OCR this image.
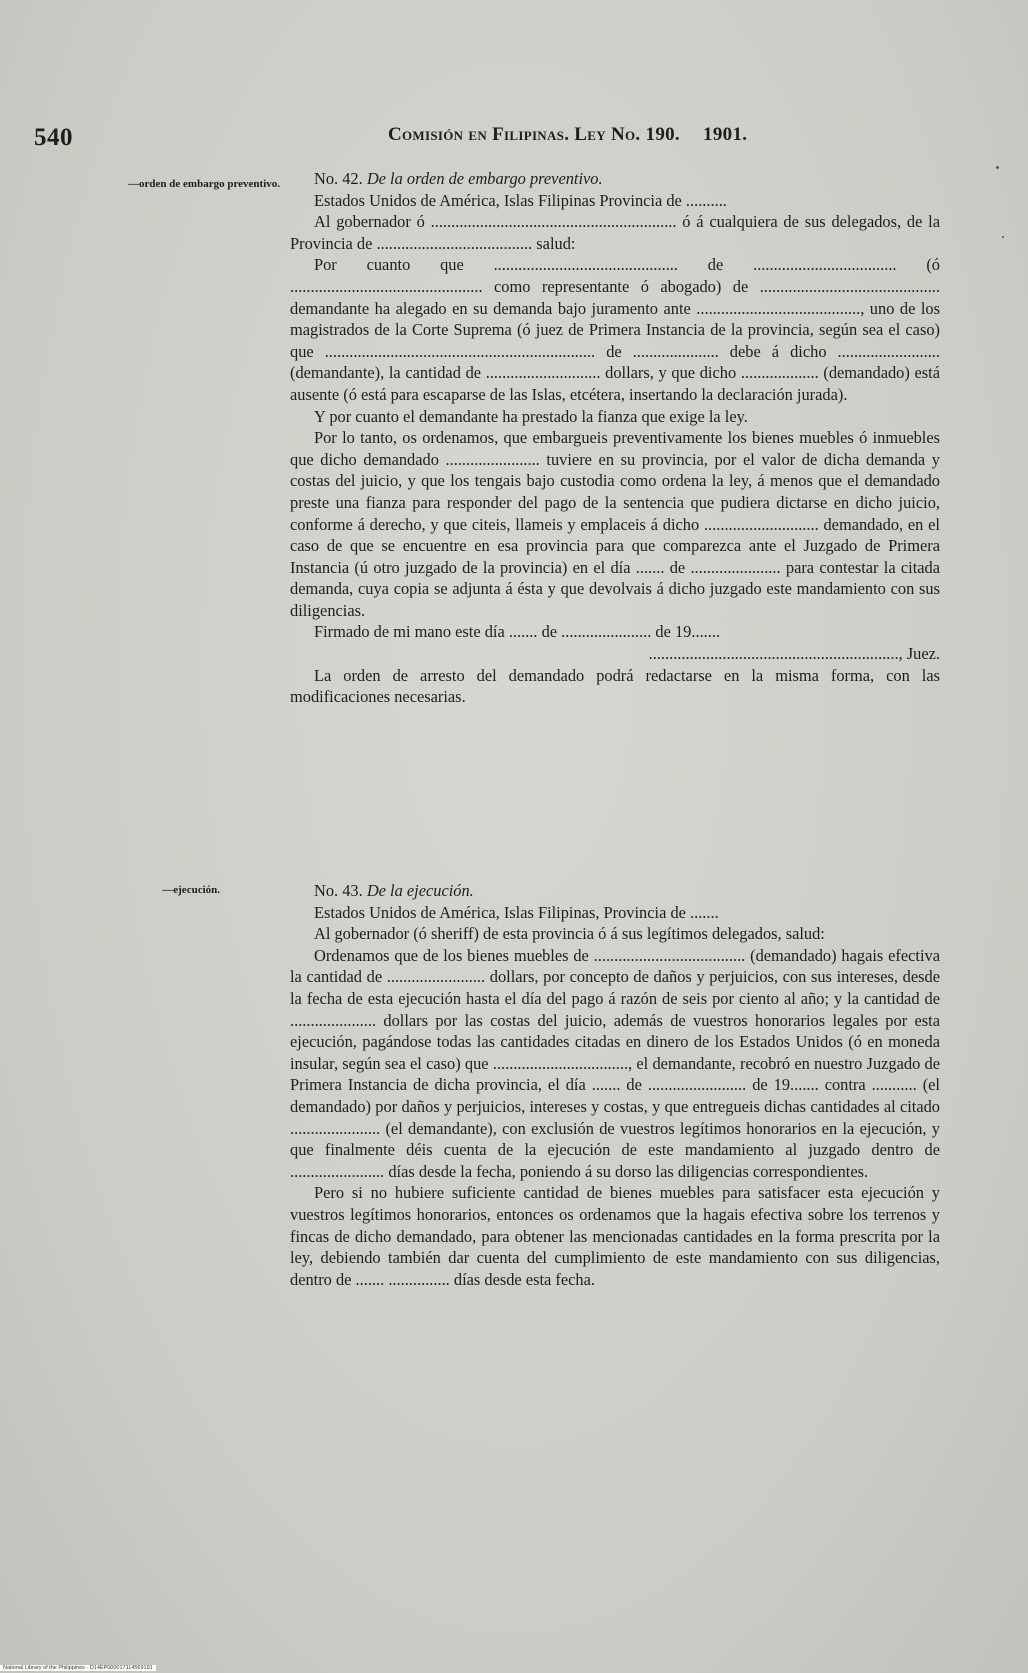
540	Comisión en Filipinas. Ley No. 190. 1901.
—orden de embargo preventivo.
—ejecución.

No. 42. De la orden de embargo preventivo.

Estados Unidos de América, Islas Filipinas Provincia de ..........

Al gobernador ó ............................................................ ó á cualquiera de sus delegados, de la Provincia de ...................................... salud:

Por cuanto que ............................................. de ................................... (ó ............................................... como representante ó abogado) de ............................................ demandante ha alegado en su demanda bajo juramento ante ........................................, uno de los magistrados de la Corte Suprema (ó juez de Primera Instancia de la provincia, según sea el caso) que .................................................................. de ..................... debe á dicho ......................... (demandante), la cantidad de ............................ dollars, y que dicho ................... (demandado) está ausente (ó está para escaparse de las Islas, etcétera, insertando la declaración jurada).

Y por cuanto el demandante ha prestado la fianza que exige la ley.

Por lo tanto, os ordenamos, que embargueis preventivamente los bienes muebles ó inmuebles que dicho demandado ....................... tuviere en su provincia, por el valor de dicha demanda y costas del juicio, y que los tengais bajo custodia como ordena la ley, á menos que el demandado preste una fianza para responder del pago de la sentencia que pudiera dictarse en dicho juicio, conforme á derecho, y que citeis, llameis y emplaceis á dicho ............................ demandado, en el caso de que se encuentre en esa provincia para que comparezca ante el Juzgado de Primera Instancia (ú otro juzgado de la provincia) en el día ....... de ...................... para contestar la citada demanda, cuya copia se adjunta á ésta y que devolvais á dicho juzgado este mandamiento con sus diligencias.

Firmado de mi mano este día ....... de ...................... de 19.......

............................................................., Juez.

La orden de arresto del demandado podrá redactarse en la misma forma, con las modificaciones necesarias.

No. 43. De la ejecución.

Estados Unidos de América, Islas Filipinas, Provincia de .......

Al gobernador (ó sheriff) de esta provincia ó á sus legítimos delegados, salud:

Ordenamos que de los bienes muebles de ..................................... (demandado) hagais efectiva la cantidad de ........................ dollars, por concepto de daños y perjuicios, con sus intereses, desde la fecha de esta ejecución hasta el día del pago á razón de seis por ciento al año; y la cantidad de ..................... dollars por las costas del juicio, además de vuestros honorarios legales por esta ejecución, pagándose todas las cantidades citadas en dinero de los Estados Unidos (ó en moneda insular, según sea el caso) que ................................., el demandante, recobró en nuestro Juzgado de Primera Instancia de dicha provincia, el día ....... de ........................ de 19....... contra ........... (el demandado) por daños y perjuicios, intereses y costas, y que entregueis dichas cantidades al citado ...................... (el demandante), con exclusión de vuestros legítimos honorarios en la ejecución, y que finalmente déis cuenta de la ejecución de este mandamiento al juzgado dentro de ....................... días desde la fecha, poniendo á su dorso las diligencias correspondientes.

Pero si no hubiere suficiente cantidad de bienes muebles para satisfacer esta ejecución y vuestros legítimos honorarios, entonces os ordenamos que la hagais efectiva sobre los terrenos y fincas de dicho demandado, para obtener las mencionadas cantidades en la forma prescrita por la ley, debiendo también dar cuenta del cumplimiento de este mandamiento con sus diligencias, dentro de ....... ............... días desde esta fecha.

National Library of the Philippines · D14EP000017114569191
